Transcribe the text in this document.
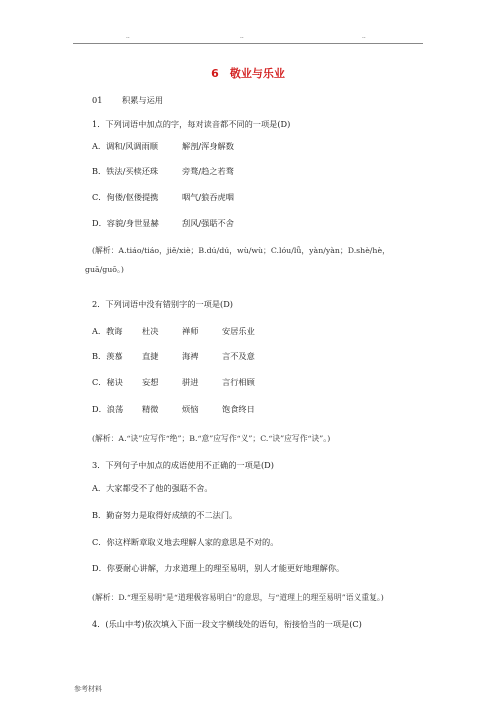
..	..	..
6　敬业与乐业
01 积累与运用
1．下列词语中加点的字，每对读音都不同的一项是(D)
A．调和/风调雨顺	解剖/浑身解数
B．铁法/买椟还珠	旁骛/趋之若骛
C．佝偻/伛偻提携	咽气/狼吞虎咽
D．容貌/身世显赫	刮风/强聒不舍
(解析：A.tiáo/tiáo，jiě/xiè；B.dú/dú，wù/wù；C.lóu/lǚ，yàn/yàn；D.shè/hè，
guā/guō。)
2．下列词语中没有错别字的一项是(D)
A．教诲 杜决	禅师	安居乐业
B．羡慕 直捷	海裨	言不及意
C．秘诀 妄想	骈进	言行相顾
D．浪荡 精微	烦恼	饱食终日
(解析：A.“诀”应写作“绝”；B.“意”应写作“义”；C.“诀”应写作“诀”。)
3．下列句子中加点的成语使用不正确的一项是(D)
A．大家都受不了他的强聒不舍。
B．勤奋努力是取得好成绩的不二法门。
C．你这样断章取义地去理解人家的意思是不对的。
D．你要耐心讲解，力求道理上的理至易明，别人才能更好地理解你。
(解析：D.“理至易明”是“道理极容易明白”的意思，与“道理上的理至易明”语义重复。)
4．(乐山中考)依次填入下面一段文字横线处的语句，衔接恰当的一项是(C)
参考材料
